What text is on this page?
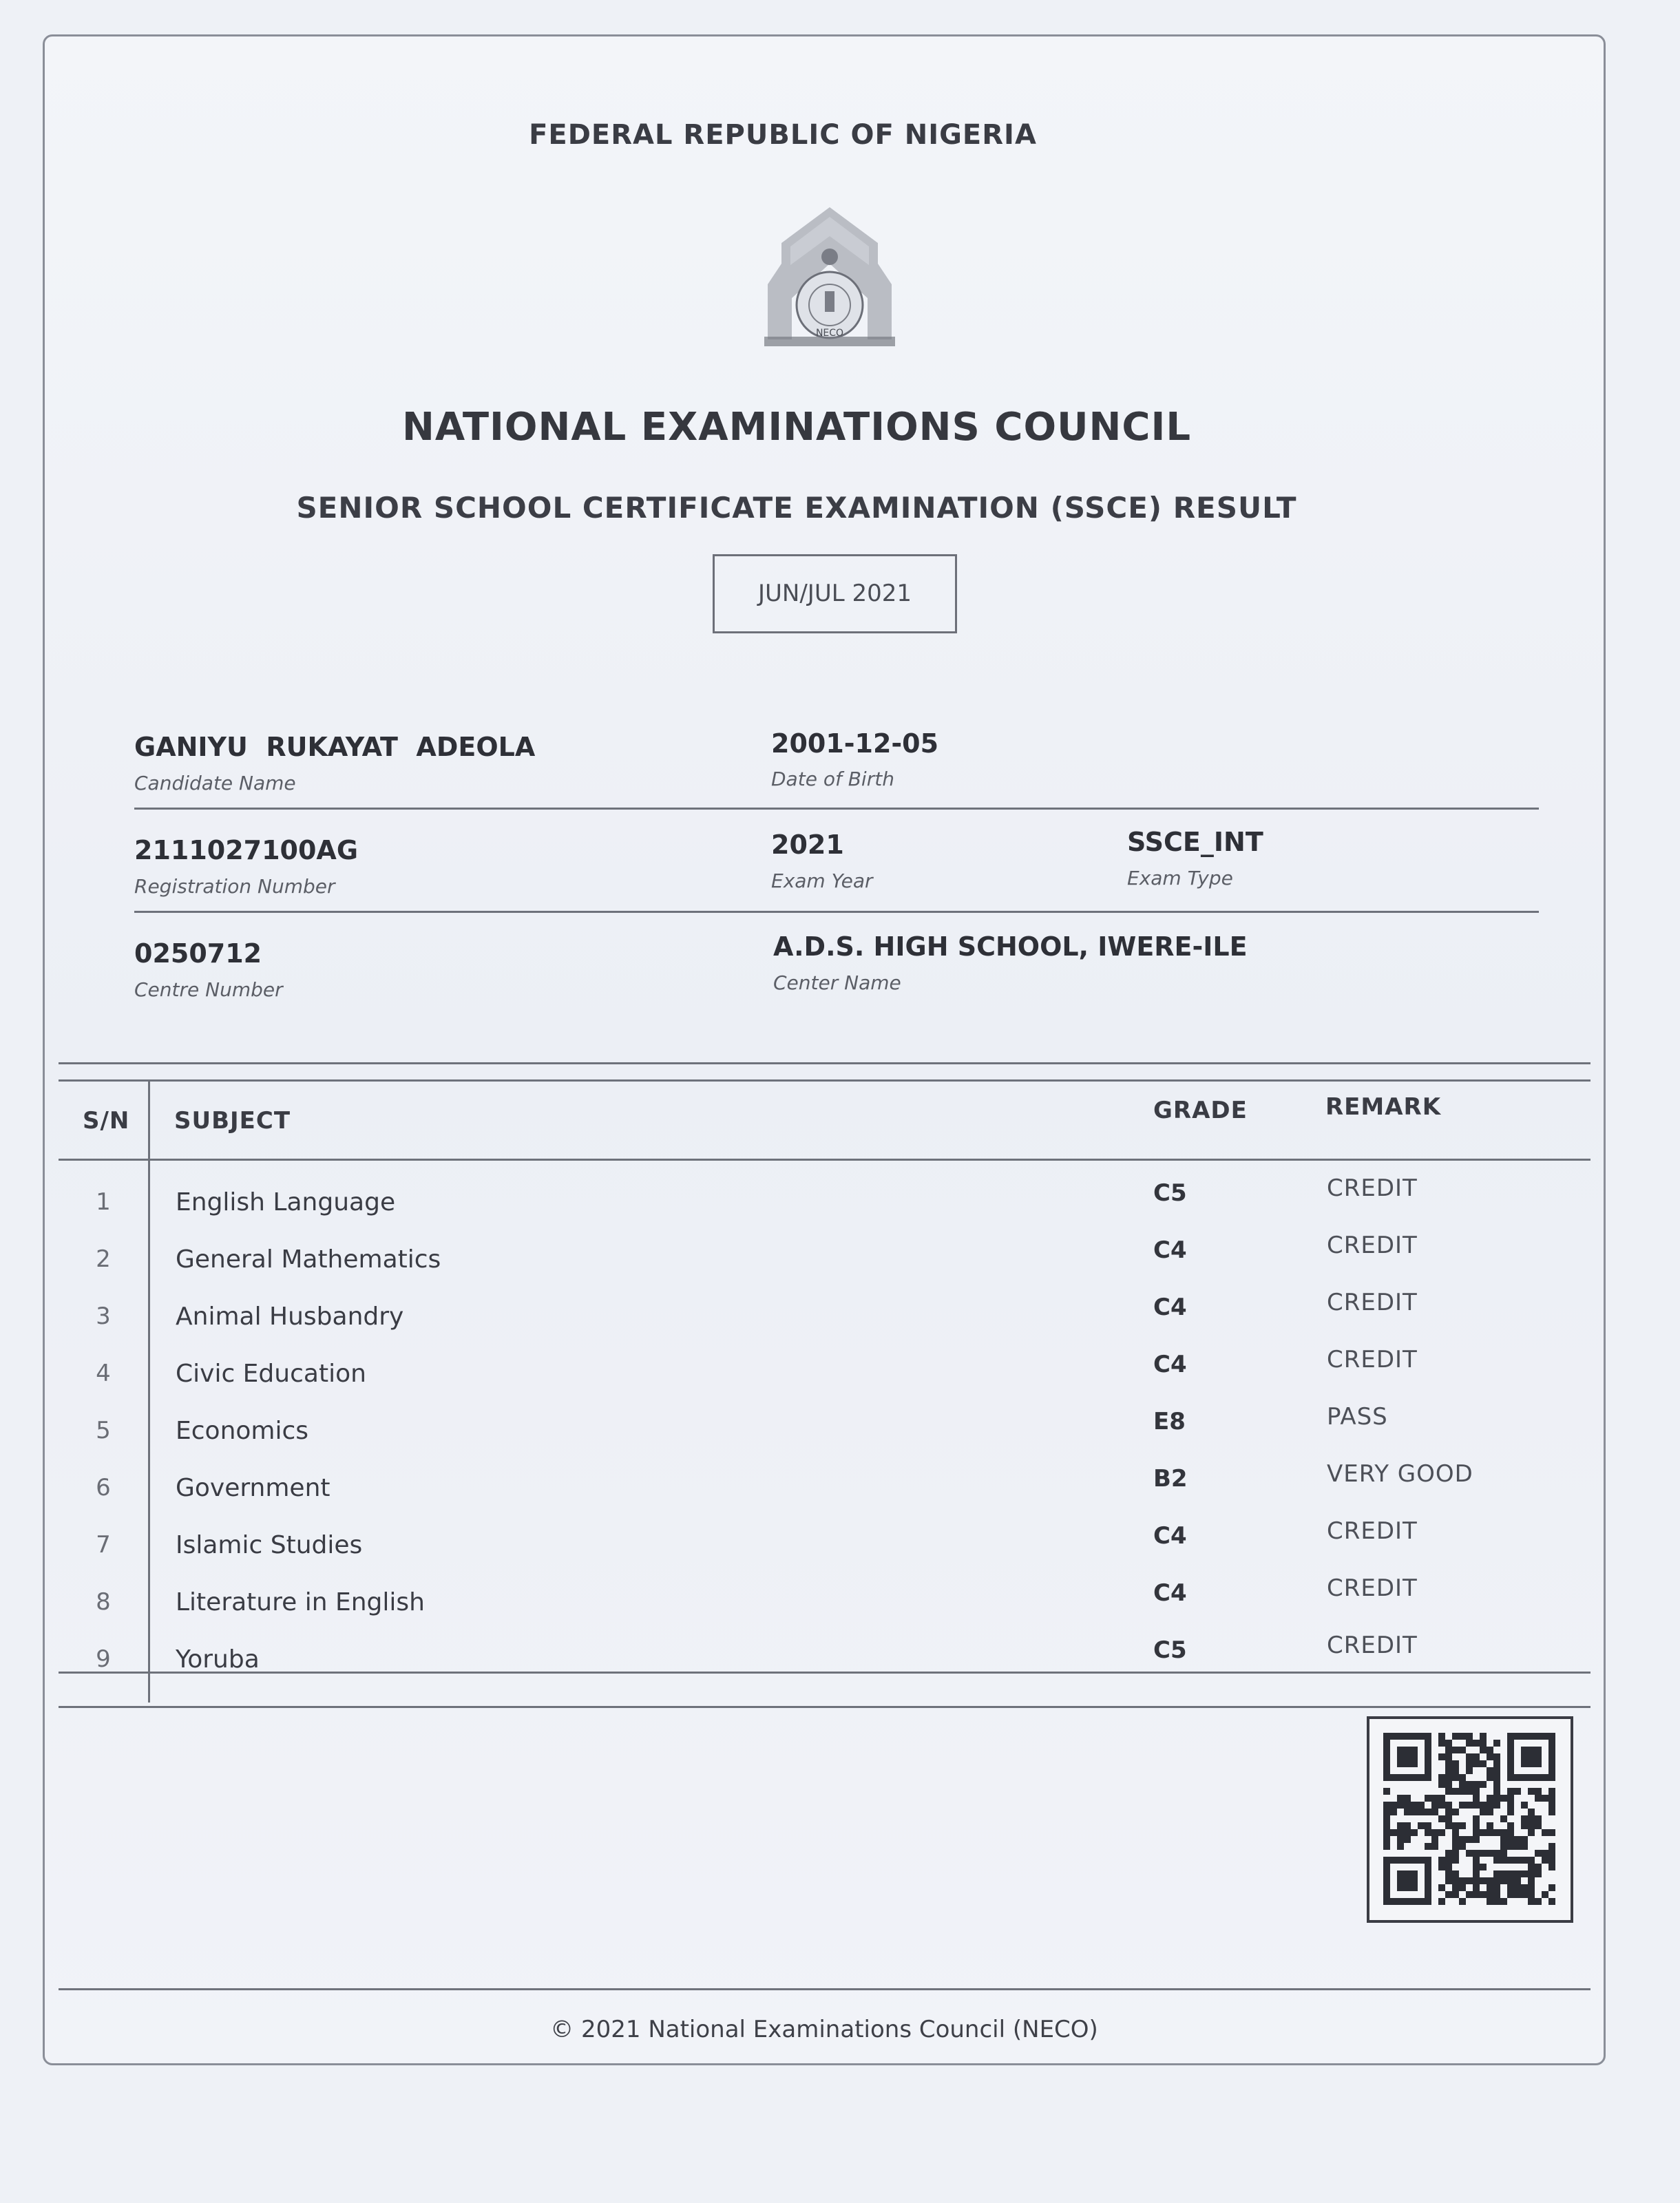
FEDERAL REPUBLIC OF NIGERIA
NECO
NATIONAL EXAMINATIONS COUNCIL
SENIOR SCHOOL CERTIFICATE EXAMINATION (SSCE) RESULT
JUN/JUL 2021
GANIYU  RUKAYAT  ADEOLA
Candidate Name
2001-12-05
Date of Birth
2111027100AG
Registration Number
2021
Exam Year
SSCE_INT
Exam Type
0250712
Centre Number
A.D.S. HIGH SCHOOL, IWERE-ILE
Center Name
S/N SUBJECT	GRADE	REMARK
1	English Language	C5	CREDIT
2	General Mathematics	C4	CREDIT
3	Animal Husbandry	C4	CREDIT
4	Civic Education	C4	CREDIT
5	Economics	E8	PASS
6	Government	B2	VERY GOOD
7	Islamic Studies	C4	CREDIT
8	Literature in English	C4	CREDIT
9	Yoruba	C5	CREDIT
© 2021 National Examinations Council (NECO)
